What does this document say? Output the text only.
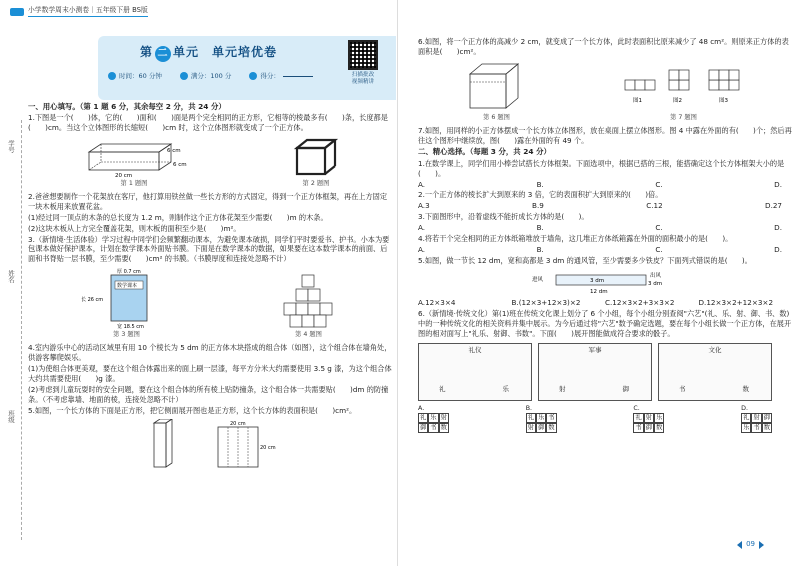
小学数学周末小测卷｜五年级下册 BS版
第 二 单元　单元培优卷
时间：60 分钟	满分：100 分	得分：	扫描批改
视频精讲
学号
姓名
班级
一、用心填写。（第 1 题 6 分，其余每空 2 分，共 24 分）
1.下图是一个(　　)体，它的(　　)面和(　　)面是两个完全相同的正方形，它相等的棱最多有(　　)条，长度都是(　　)cm。当这个立体图形的长缩短(　　)cm 时，这个立体图形就变成了一个正方体。
20 cm
6 cm
6 cm
第 1 题图	第 2 题图
2.爸爸想要制作一个花架放在客厅，他打算用铁丝做一些长方形的方式固定，得到一个正方体框架，再在上方固定一块木板用来放置花盆。
(1)经过同一顶点的木条的总长度为 1.2 m，则制作这个正方体花架至少需要(　　)m 的木条。
(2)这块木板从上方完全覆盖花架，则木板的面积至少是(　　)m²。
3.（新情境·生活体验）学习过程中同学们会频繁翻动课本，为避免课本破损，同学们平时要爱书、护书。小本为要包课本做好保护课本，计划在数学课本外面贴书膜。下面是在数学课本的数据，如果要在这本数学课本的前面、后面和书脊贴一层书膜，至少需要(　　)cm² 的书膜。（书膜厚度和连接处忽略不计）
数学课本
厚 0.7 cm
长 26 cm
宽 18.5 cm
第 3 题图	第 4 题图
4.室内游乐中心的活动区域里有用 10 个棱长为 5 dm 的正方体木块搭成的组合体（如图），这个组合体在墙角处，供游客攀爬娱乐。
(1)为使组合体更美观，要在这个组合体露出来的面上刷一层漆，每平方分米大约需要使用 3.5 g 漆，为这个组合体大约共需要使用(　　)g 漆。
(2)考虑到儿童玩耍时的安全问题，要在这个组合体的所有棱上贴防撞条，这个组合体一共需要贴(　　)dm 的防撞条。（不考虑靠墙、地面的棱，连接处忽略不计）
5.如图，一个长方体的下面是正方形，把它侧面展开图也是正方形，这个长方体的表面积是(　　)cm²。
20 cm
20 cm
6.如图，将一个正方体的高减少 2 cm，就变成了一个长方体，此时表面积比原来减少了 48 cm²。则原来正方体的表面积是(　　)cm²。
第 6 题图
图1	图2	图3
第 7 题图
7.如图，用同样的小正方体摆成一个长方体立体图形，放在桌面上摆立体图形。图 4 中露在外面的有(　　)个；然后再往这个图形中继续放，图(　　)露在外面的有 49 个。
二、精心选择。（每题 3 分，共 24 分）
1.在数学课上，同学们用小棒尝试搭长方体框架。下面选项中，根据已搭的三根，能搭确定这个长方体框架大小的是(　　)。
A.	B.	C.	D.
2.一个正方体的棱长扩大到原来的 3 倍，它的表面积扩大到原来的(　　)倍。
A.3	B.9	C.12	D.27
3.下面图形中，沿着虚线不能折成长方体的是(　　)。
A.	B.	C.	D.
4.将若干个完全相同的正方体纸箱堆放于墙角，这几堆正方体纸箱露在外面的面积最小的是(　　)。
A.	B.	C.	D.
5.如图，做一节长 12 dm，宽和高都是 3 dm 的通风管，至少需要多少铁皮？下面列式错误的是(　　)。
进风
出风
3 dm	3 dm
12 dm
A.12×3×4	B.(12×3+12×3)×2	C.12×3×2+3×3×2	D.12×3×2+12×3×2
6.（新情境·传统文化）第(1)班在传统文化课上划分了 6 个小组，每个小组分别查阅"六艺"(礼、乐、射、御、书、数)中的一种传统文化的相关资料并集中展示。为今后通过将"六艺"数予确定选题，要在每个小组长做一个正方体，在展开图的相对面写上"礼乐、射御、书数"。下面(　　)展开图能做成符合要求的骰子。
礼仪
礼	乐
军事
射	御
文化
书	数
A.
礼 乐 射
御 书 数
B.
礼 乐 书
射 御 数
C.
礼 射 乐
书 御 数
D.
礼 射 御
乐 书 数
09
